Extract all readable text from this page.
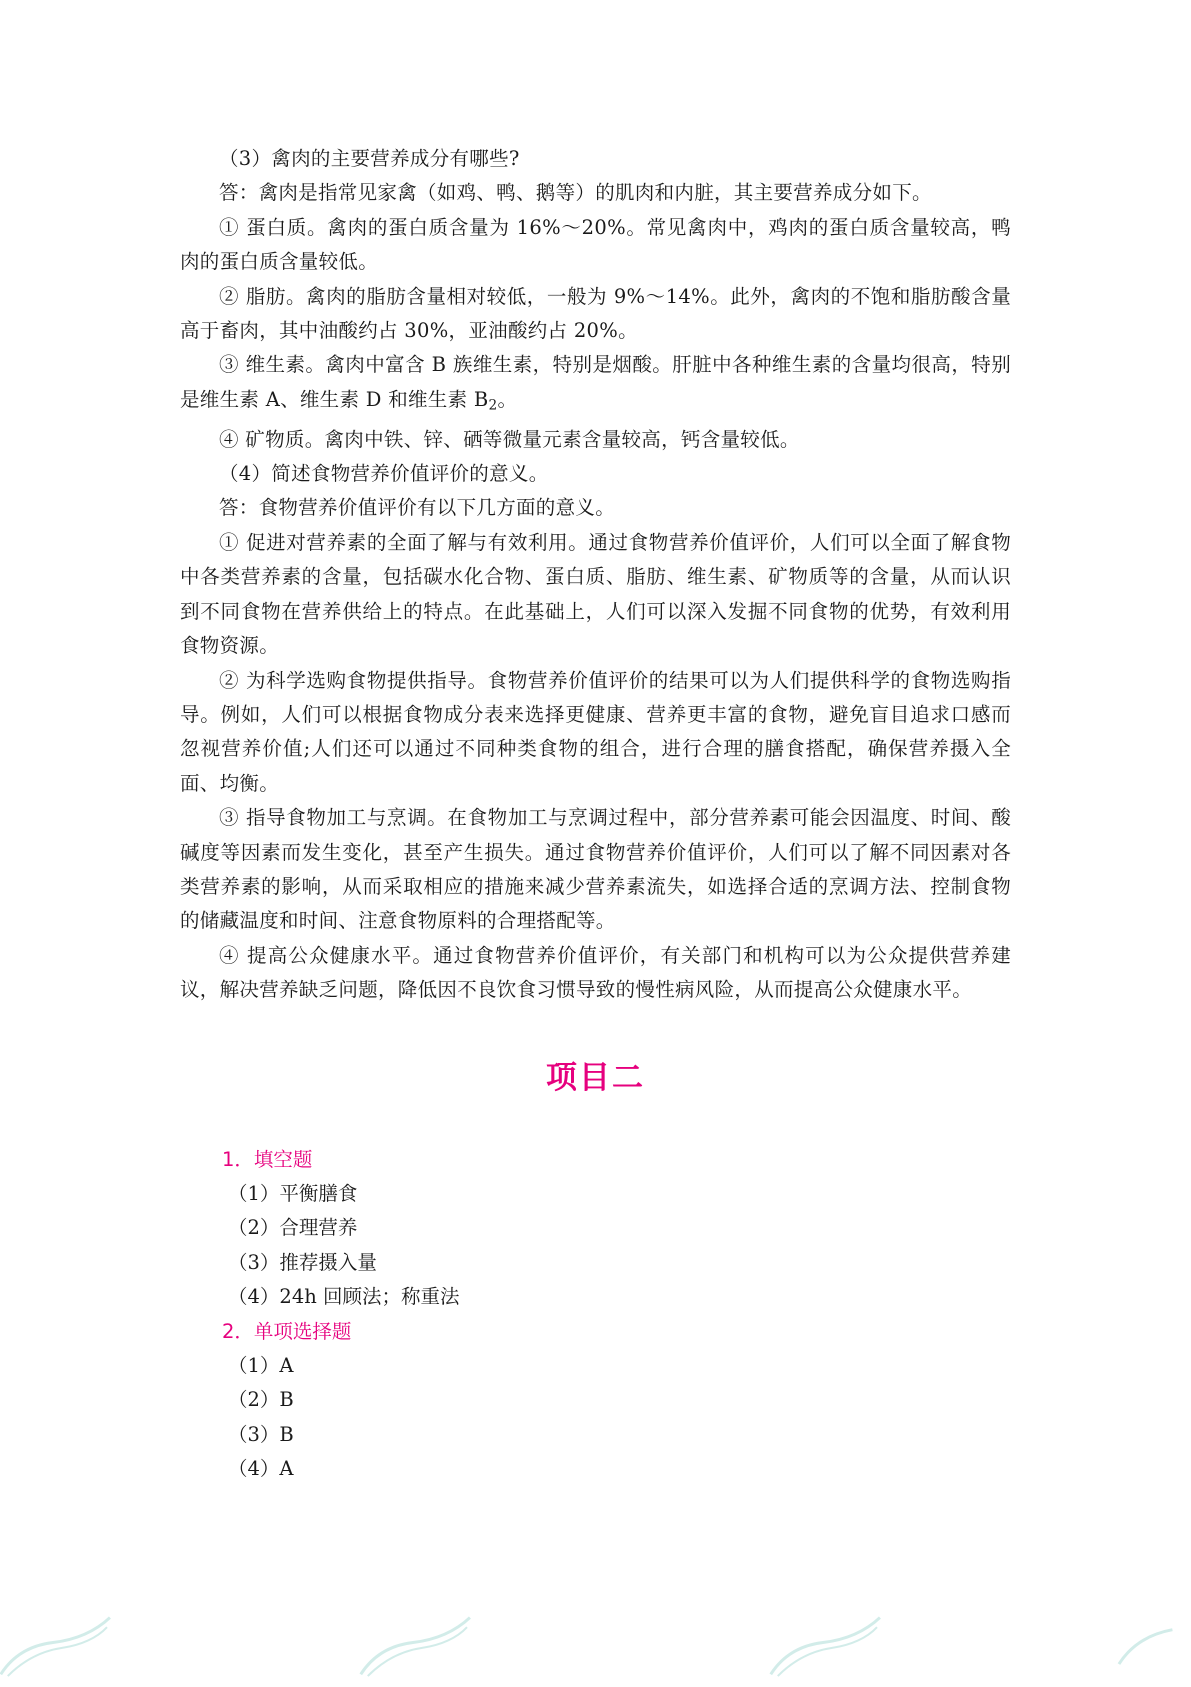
（3）禽肉的主要营养成分有哪些?

答：禽肉是指常见家禽（如鸡、鸭、鹅等）的肌肉和内脏，其主要营养成分如下。

① 蛋白质。禽肉的蛋白质含量为 16%～20%。常见禽肉中，鸡肉的蛋白质含量较高，鸭肉的蛋白质含量较低。

② 脂肪。禽肉的脂肪含量相对较低，一般为 9%～14%。此外，禽肉的不饱和脂肪酸含量高于畜肉，其中油酸约占 30%，亚油酸约占 20%。

③ 维生素。禽肉中富含 B 族维生素，特别是烟酸。肝脏中各种维生素的含量均很高，特别是维生素 A、维生素 D 和维生素 $B_2$。

④ 矿物质。禽肉中铁、锌、硒等微量元素含量较高，钙含量较低。

（4）简述食物营养价值评价的意义。

答：食物营养价值评价有以下几方面的意义。

① 促进对营养素的全面了解与有效利用。通过食物营养价值评价，人们可以全面了解食物中各类营养素的含量，包括碳水化合物、蛋白质、脂肪、维生素、矿物质等的含量，从而认识到不同食物在营养供给上的特点。在此基础上，人们可以深入发掘不同食物的优势，有效利用食物资源。

② 为科学选购食物提供指导。食物营养价值评价的结果可以为人们提供科学的食物选购指导。例如，人们可以根据食物成分表来选择更健康、营养更丰富的食物，避免盲目追求口感而忽视营养价值;人们还可以通过不同种类食物的组合，进行合理的膳食搭配，确保营养摄入全面、均衡。

③ 指导食物加工与烹调。在食物加工与烹调过程中，部分营养素可能会因温度、时间、酸碱度等因素而发生变化，甚至产生损失。通过食物营养价值评价，人们可以了解不同因素对各类营养素的影响，从而采取相应的措施来减少营养素流失，如选择合适的烹调方法、控制食物的储藏温度和时间、注意食物原料的合理搭配等。

④ 提高公众健康水平。通过食物营养价值评价，有关部门和机构可以为公众提供营养建议，解决营养缺乏问题，降低因不良饮食习惯导致的慢性病风险，从而提高公众健康水平。

项目二

1．填空题

（1）平衡膳食

（2）合理营养

（3）推荐摄入量

（4）24h 回顾法；称重法

2．单项选择题

（1）A

（2）B

（3）B

（4）A
